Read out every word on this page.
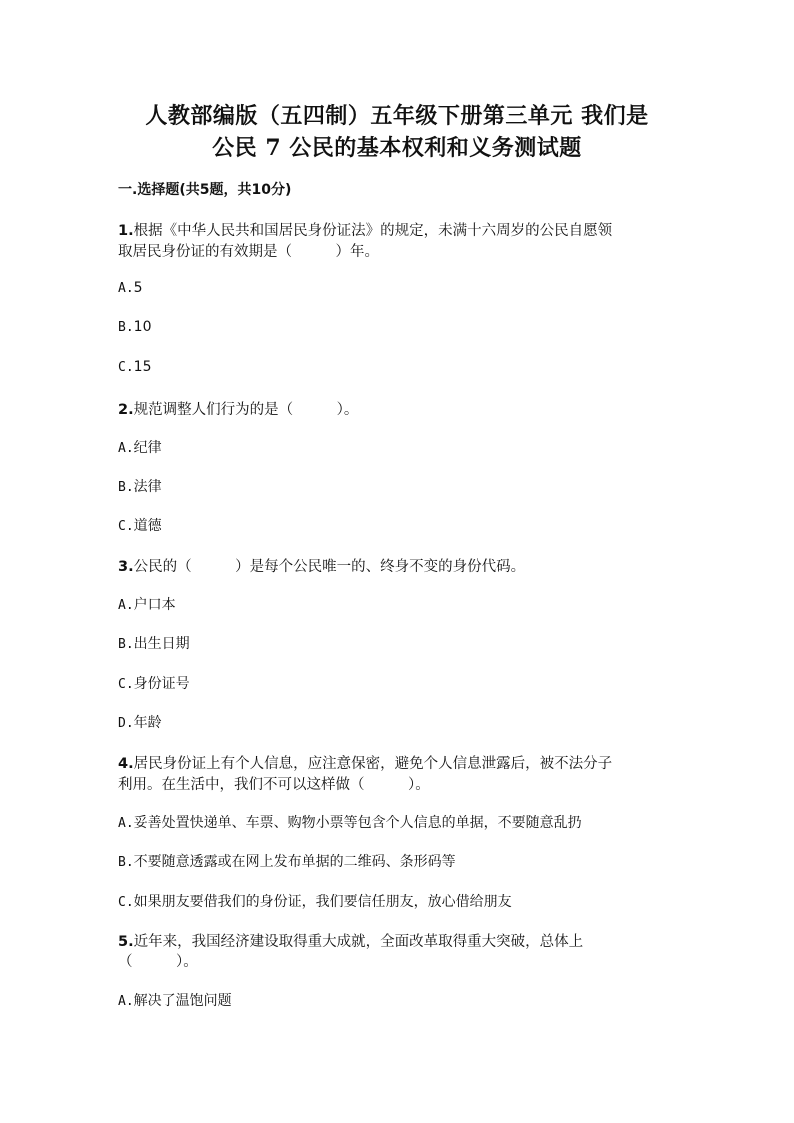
人教部编版（五四制）五年级下册第三单元 我们是
公民 7 公民的基本权利和义务测试题
一.选择题(共5题，共10分)
1.根据《中华人民共和国居民身份证法》的规定，未满十六周岁的公民自愿领
取居民身份证的有效期是（　　　）年。
A.5
B.10
C.15
2.规范调整人们行为的是（　　　）。
A.纪律
B.法律
C.道德
3.公民的（　　　）是每个公民唯一的、终身不变的身份代码。
A.户口本
B.出生日期
C.身份证号
D.年龄
4.居民身份证上有个人信息，应注意保密，避免个人信息泄露后，被不法分子
利用。在生活中，我们不可以这样做（　　　）。
A.妥善处置快递单、车票、购物小票等包含个人信息的单据，不要随意乱扔
B.不要随意透露或在网上发布单据的二维码、条形码等
C.如果朋友要借我们的身份证，我们要信任朋友，放心借给朋友
5.近年来，我国经济建设取得重大成就，全面改革取得重大突破，总体上
（　　　）。
A.解决了温饱问题
